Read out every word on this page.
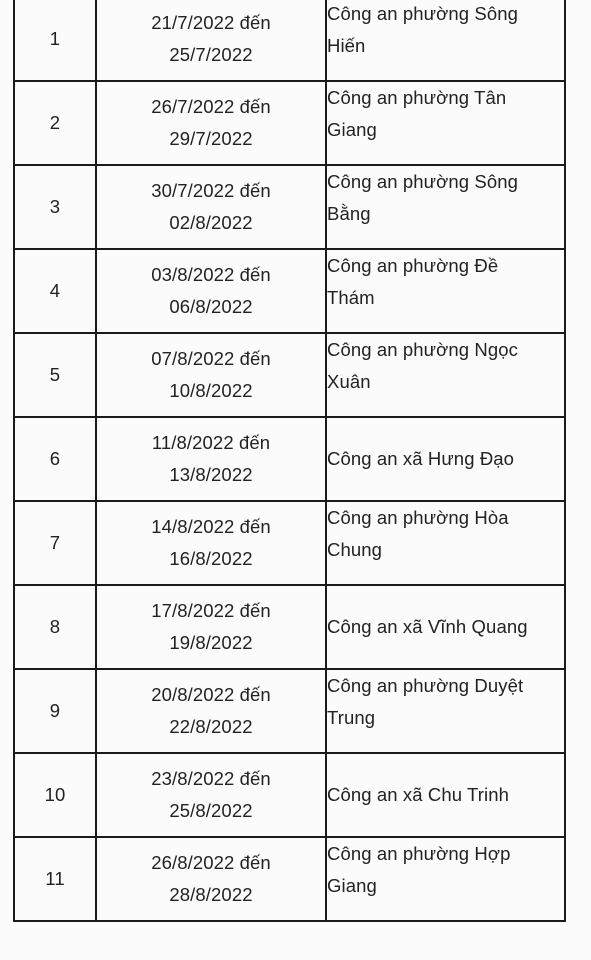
1	21/7/2022 đến
25/7/2022	Công an phường Sông
Hiến

2	26/7/2022 đến
29/7/2022	Công an phường Tân
Giang

3	30/7/2022 đến
02/8/2022	Công an phường Sông
Bằng

4	03/8/2022 đến
06/8/2022	Công an phường Đề
Thám

5	07/8/2022 đến
10/8/2022	Công an phường Ngọc
Xuân

6	11/8/2022 đến
13/8/2022	Công an xã Hưng Đạo

7	14/8/2022 đến
16/8/2022	Công an phường Hòa
Chung

8	17/8/2022 đến
19/8/2022	Công an xã Vĩnh Quang

9	20/8/2022 đến
22/8/2022	Công an phường Duyệt
Trung

10	23/8/2022 đến
25/8/2022	Công an xã Chu Trinh

11	26/8/2022 đến
28/8/2022	Công an phường Hợp
Giang
